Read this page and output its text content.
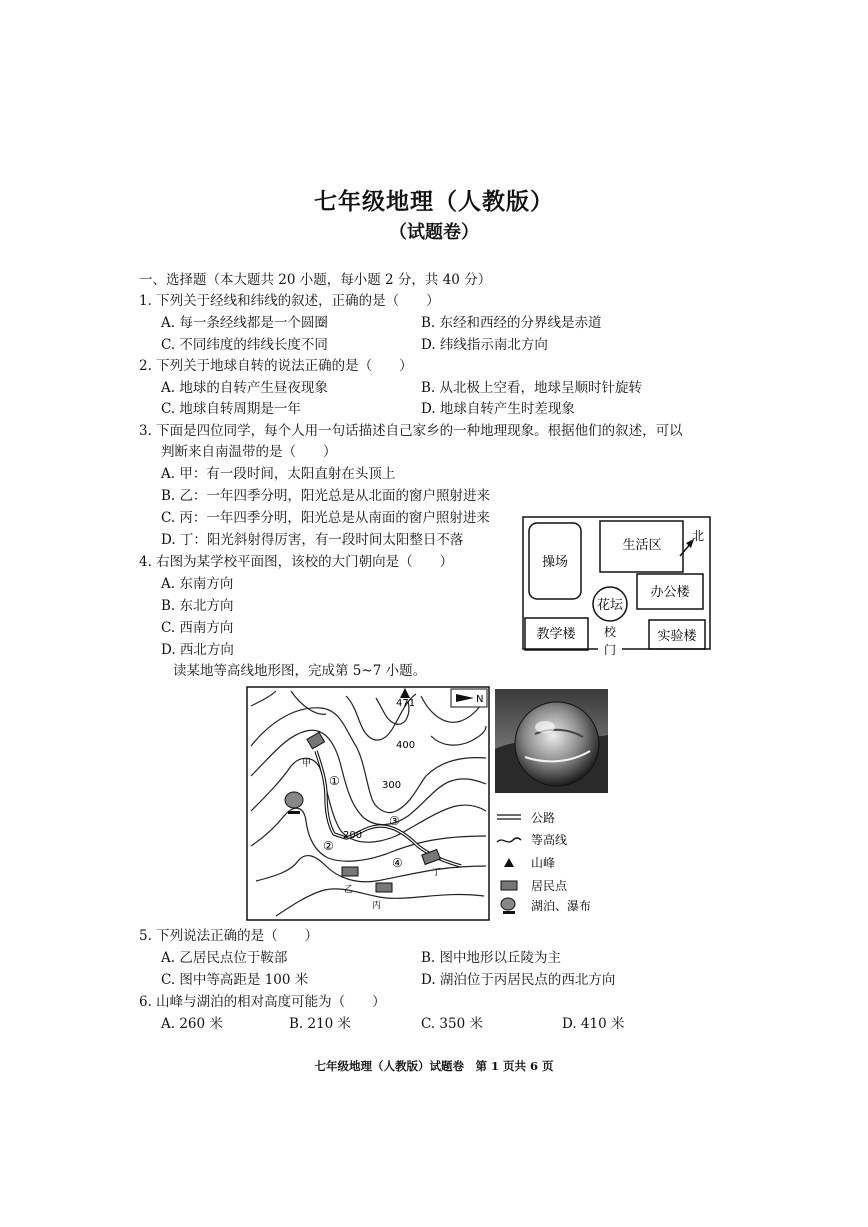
七年级地理（人教版）
（试题卷）
一、选择题（本大题共 20 小题，每小题 2 分，共 40 分）
1. 下列关于经线和纬线的叙述，正确的是（　　）
A. 每一条经线都是一个圆圈	B. 东经和西经的分界线是赤道
C. 不同纬度的纬线长度不同	D. 纬线指示南北方向
2. 下列关于地球自转的说法正确的是（　　）
A. 地球的自转产生昼夜现象	B. 从北极上空看，地球呈顺时针旋转
C. 地球自转周期是一年	D. 地球自转产生时差现象
3. 下面是四位同学，每个人用一句话描述自己家乡的一种地理现象。根据他们的叙述，可以
判断来自南温带的是（　　）
A. 甲：有一段时间，太阳直射在头顶上
B. 乙：一年四季分明，阳光总是从北面的窗户照射进来
C. 丙：一年四季分明，阳光总是从南面的窗户照射进来
D. 丁：阳光斜射得厉害，有一段时间太阳整日不落
4. 右图为某学校平面图，该校的大门朝向是（　　）
A. 东南方向
B. 东北方向
C. 西南方向
D. 西北方向
读某地等高线地形图，完成第 5~7 小题。
操场
生活区
北
花坛
办公楼
教学楼	实验楼
校
门
471	N
400
300
200
①
②
③
④
甲
乙
丙
丁
公路
等高线
山峰
居民点
湖泊、瀑布
5. 下列说法正确的是（　　）
A. 乙居民点位于鞍部	B. 图中地形以丘陵为主
C. 图中等高距是 100 米	D. 湖泊位于丙居民点的西北方向
6. 山峰与湖泊的相对高度可能为（　　）
A. 260 米	B. 210 米	C. 350 米	D. 410 米
七年级地理（人教版）试题卷　第 1 页共 6 页
